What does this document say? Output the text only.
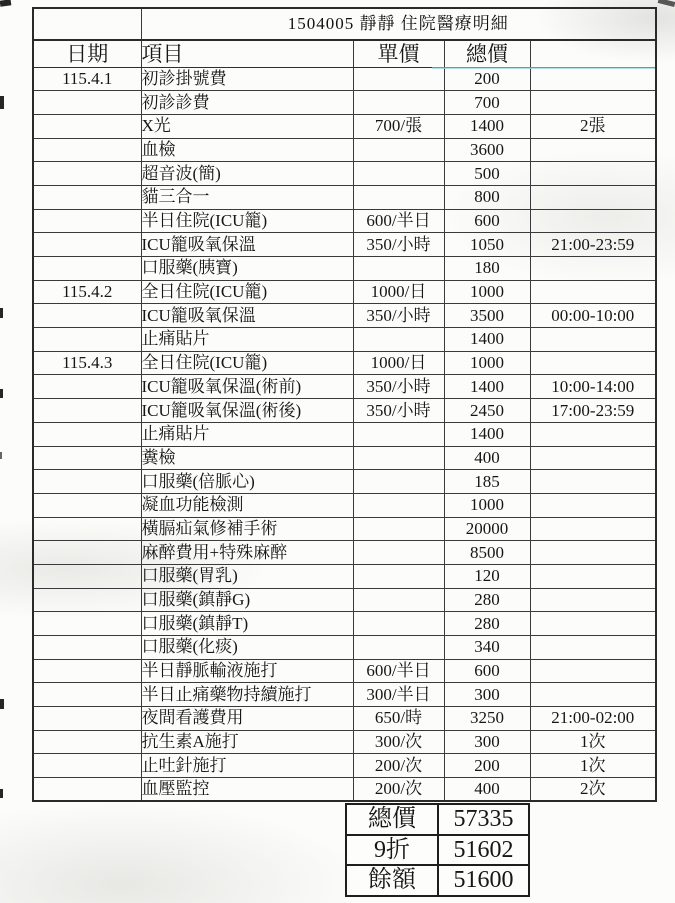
	1504005 靜靜 住院醫療明細			
日期	項目	單價	總價	
115.4.1	初診掛號費		200	
	初診診費		700	
	X光	700/張	1400	2張
	血檢		3600	
	超音波(簡)		500	
	貓三合一		800	
	半日住院(ICU籠)	600/半日	600	
	ICU籠吸氧保溫	350/小時	1050	21:00-23:59
	口服藥(胰寶)		180	
115.4.2	全日住院(ICU籠)	1000/日	1000	
	ICU籠吸氧保溫	350/小時	3500	00:00-10:00
	止痛貼片		1400	
115.4.3	全日住院(ICU籠)	1000/日	1000	
	ICU籠吸氧保溫(術前)	350/小時	1400	10:00-14:00
	ICU籠吸氧保溫(術後)	350/小時	2450	17:00-23:59
	止痛貼片		1400	
	糞檢		400	
	口服藥(倍脈心)		185	
	凝血功能檢測		1000	
	橫膈疝氣修補手術		20000	
	麻醉費用+特殊麻醉		8500	
	口服藥(胃乳)		120	
	口服藥(鎮靜G)		280	
	口服藥(鎮靜T)		280	
	口服藥(化痰)		340	
	半日靜脈輸液施打	600/半日	600	
	半日止痛藥物持續施打	300/半日	300	
	夜間看護費用	650/時	3250	21:00-02:00
	抗生素A施打	300/次	300	1次
	止吐針施打	200/次	200	1次
	血壓監控	200/次	400	2次
總價	57335
9折	51602
餘額	51600
